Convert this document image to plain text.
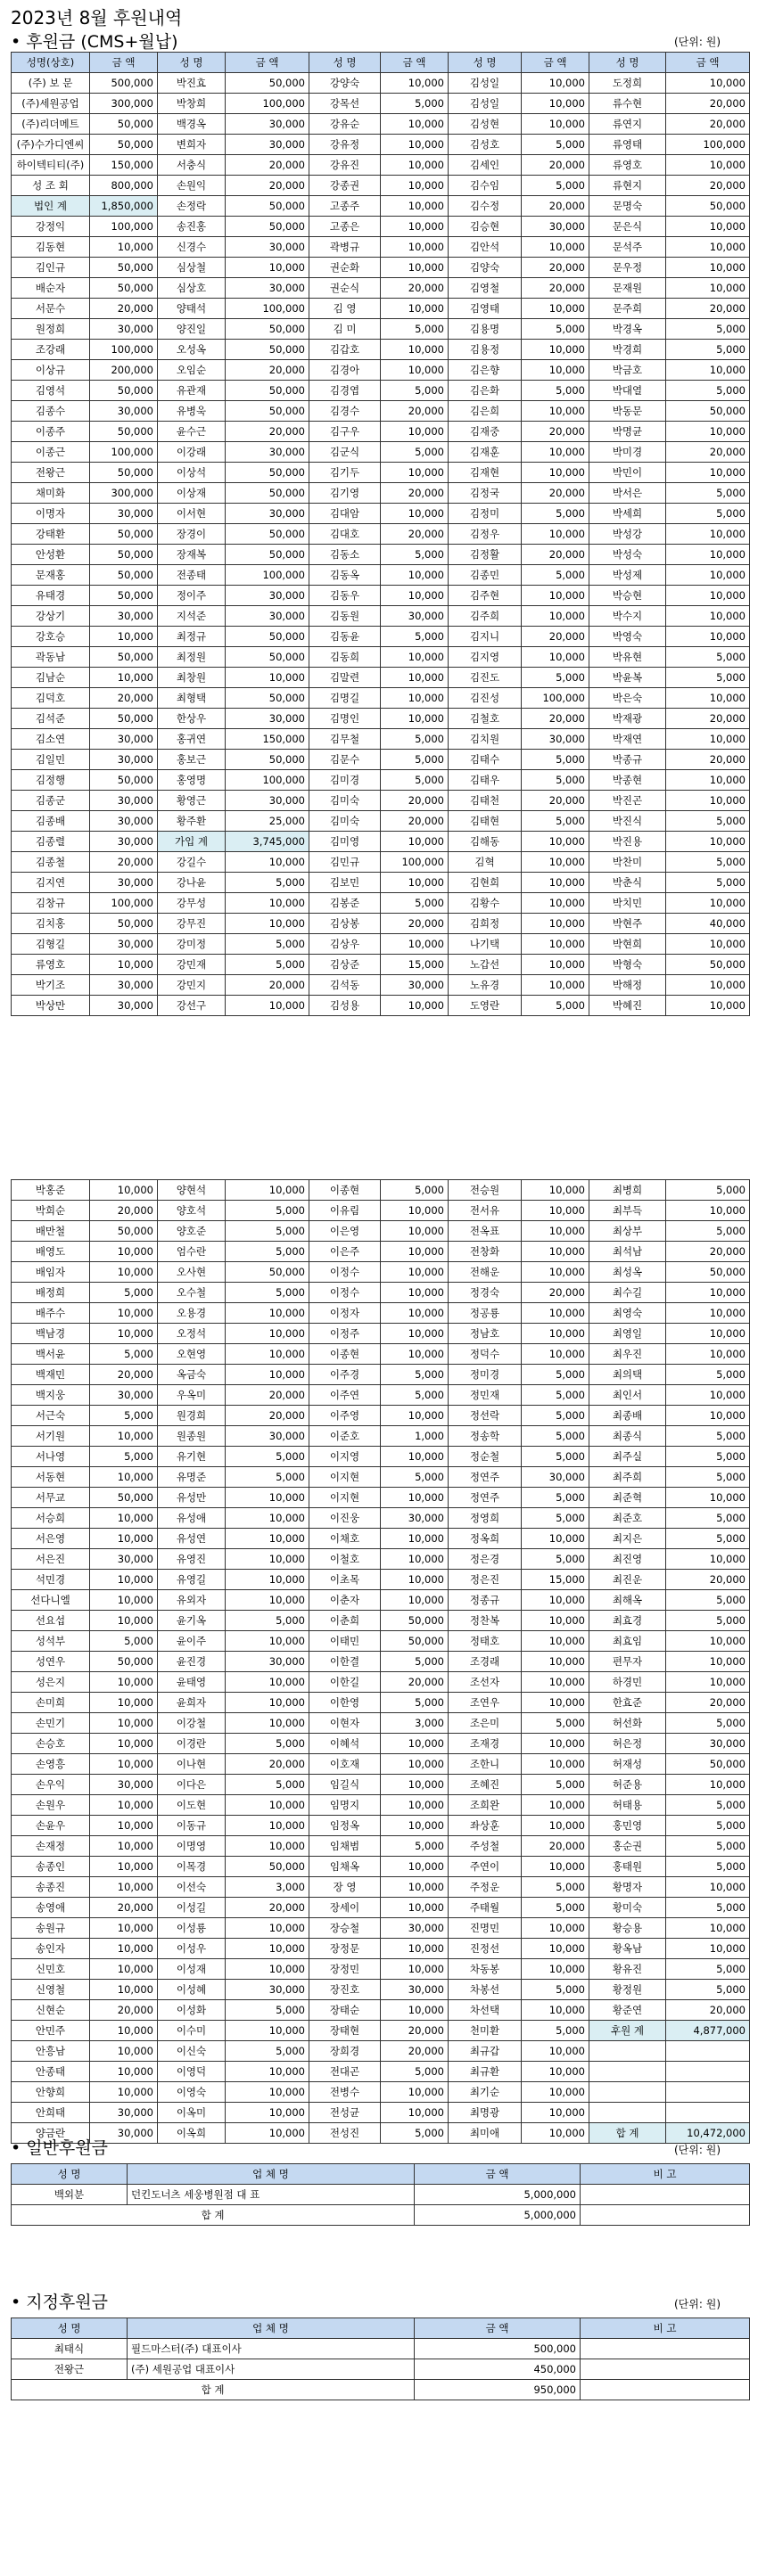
2023년 8월 후원내역
• 후원금 (CMS+월납)	(단위: 원)
성명(상호)	금 액	성 명	금 액	성 명	금 액	성 명	금 액	성 명	금 액
(주) 보 문	500,000	박진효	50,000	강양숙	10,000	김성일	10,000	도정희	10,000
(주)세원공업	300,000	박창희	100,000	강목선	5,000	김성일	10,000	류수현	20,000
(주)리더메트	50,000	백경옥	30,000	강유순	10,000	김성현	10,000	류연지	20,000
(주)수가디엔씨	50,000	변희자	30,000	강유정	10,000	김성호	5,000	류영태	100,000
하이텍티티(주)	150,000	서충식	20,000	강유진	10,000	김세인	20,000	류영호	10,000
성 조 회	800,000	손원익	20,000	강종권	10,000	김수임	5,000	류현지	20,000
법인 계	1,850,000	손정락	50,000	고종주	10,000	김수정	20,000	문명숙	50,000
강정익	100,000	송진홍	50,000	고종은	10,000	김승현	30,000	문은식	10,000
김동현	10,000	신경수	30,000	곽병규	10,000	김안석	10,000	문석주	10,000
김인규	50,000	심상철	10,000	권순화	10,000	김양숙	20,000	문우정	10,000
배순자	50,000	심상호	30,000	권순식	20,000	김영철	20,000	문재원	10,000
서문수	20,000	양태석	100,000	김 영	10,000	김영태	10,000	문주희	20,000
원정희	30,000	양진일	50,000	김 미	5,000	김용명	5,000	박경옥	5,000
조강래	100,000	오성옥	50,000	김갑호	10,000	김용정	10,000	박경희	5,000
이상규	200,000	오임순	20,000	김경아	10,000	김은향	10,000	박금호	10,000
김영석	50,000	유관재	50,000	김경엽	5,000	김은화	5,000	박대열	5,000
김종수	30,000	유병욱	50,000	김경수	20,000	김은희	10,000	박동문	50,000
이종주	50,000	윤수근	20,000	김구우	10,000	김재중	20,000	박명균	10,000
이종근	100,000	이강래	30,000	김군식	5,000	김재훈	10,000	박미경	20,000
전왕근	50,000	이상석	50,000	김기두	10,000	김재현	10,000	박민이	10,000
채미화	300,000	이상재	50,000	김기영	20,000	김정국	20,000	박서은	5,000
이명자	30,000	이서현	30,000	김대암	10,000	김정미	5,000	박세희	5,000
강태환	50,000	장경이	50,000	김대호	20,000	김정우	10,000	박성강	10,000
안성환	50,000	장재복	50,000	김동소	5,000	김정활	20,000	박성숙	10,000
문재홍	50,000	전종태	100,000	김동옥	10,000	김종민	5,000	박성제	10,000
유태경	50,000	정이주	30,000	김동우	10,000	김주현	10,000	박승현	10,000
강상기	30,000	지석준	30,000	김동원	30,000	김주희	10,000	박수지	10,000
강호승	10,000	최정규	50,000	김동윤	5,000	김지니	20,000	박영숙	10,000
곽동남	50,000	최정원	50,000	김동희	10,000	김지영	10,000	박유현	5,000
김남순	10,000	최창원	10,000	김말련	10,000	김진도	5,000	박윤복	5,000
김덕호	20,000	최형택	50,000	김명길	10,000	김진성	100,000	박은숙	10,000
김석준	50,000	한상우	30,000	김명인	10,000	김철호	20,000	박재광	20,000
김소연	30,000	홍귀연	150,000	김무철	5,000	김치원	30,000	박재연	10,000
김일민	30,000	홍보근	50,000	김문수	5,000	김태수	5,000	박종규	20,000
김정행	50,000	홍영명	100,000	김미경	5,000	김태우	5,000	박종현	10,000
김종군	30,000	황영근	30,000	김미숙	20,000	김태천	20,000	박진곤	10,000
김종배	30,000	황주환	25,000	김미숙	20,000	김태현	5,000	박진식	5,000
김종렬	30,000	가입 계	3,745,000	김미영	10,000	김해동	10,000	박진용	10,000
김종철	20,000	강길수	10,000	김민규	100,000	김혁	10,000	박찬미	5,000
김지연	30,000	강나윤	5,000	김보민	10,000	김현희	10,000	박춘식	5,000
김창규	100,000	강무성	10,000	김봉준	5,000	김황수	10,000	박치민	10,000
김치홍	50,000	강무진	10,000	김상봉	20,000	김희정	10,000	박현주	40,000
김형길	30,000	강미정	5,000	김상우	10,000	나기택	10,000	박현희	10,000
류영호	10,000	강민재	5,000	김상준	15,000	노갑선	10,000	박형숙	50,000
박기조	30,000	강민지	20,000	김석동	30,000	노유경	10,000	박해정	10,000
박상만	30,000	강선구	10,000	김성용	10,000	도영란	5,000	박혜진	10,000
박홍준	10,000	양현석	10,000	이종현	5,000	전승원	10,000	최병희	5,000
박희순	20,000	양호석	5,000	이유림	10,000	전서유	10,000	최부득	10,000
배만철	50,000	양호준	5,000	이은영	10,000	전옥표	10,000	최상부	5,000
배영도	10,000	엄수란	5,000	이은주	10,000	전창화	10,000	최석남	20,000
배임자	10,000	오사현	50,000	이정수	10,000	전해운	10,000	최성옥	50,000
배정희	5,000	오수철	5,000	이정수	10,000	정경숙	20,000	최수길	10,000
배주수	10,000	오용경	10,000	이정자	10,000	정공룡	10,000	최영숙	10,000
백남경	10,000	오정석	10,000	이정주	10,000	정남호	10,000	최영일	10,000
백서윤	5,000	오현영	10,000	이종현	10,000	정덕수	10,000	최우진	10,000
백재민	20,000	옥금숙	10,000	이주경	5,000	정미경	5,000	최의택	5,000
백지웅	30,000	우옥미	20,000	이주연	5,000	정민재	5,000	최인서	10,000
서근숙	5,000	원경희	20,000	이주영	10,000	정선락	5,000	최종배	10,000
서기원	10,000	원종원	30,000	이준호	1,000	정송학	5,000	최종식	5,000
서나영	5,000	유기현	5,000	이지영	10,000	정순철	5,000	최주실	5,000
서동현	10,000	유명준	5,000	이지현	5,000	정연주	30,000	최주희	5,000
서무교	50,000	유성만	10,000	이지현	10,000	정연주	5,000	최준혁	10,000
서승희	10,000	유성애	10,000	이진웅	30,000	정영희	5,000	최준호	5,000
서은영	10,000	유성연	10,000	이채호	10,000	정옥희	10,000	최지은	5,000
서은진	30,000	유영진	10,000	이철호	10,000	정은경	5,000	최진영	10,000
석민경	10,000	유영길	10,000	이초목	10,000	정은진	15,000	최진운	20,000
선다니엘	10,000	유외자	10,000	이춘자	10,000	정종규	10,000	최해옥	5,000
선요섭	10,000	윤기옥	5,000	이춘희	50,000	정찬복	10,000	최효경	5,000
성석부	5,000	윤이주	10,000	이태민	50,000	정태호	10,000	최효임	10,000
성연우	50,000	윤진경	30,000	이한결	5,000	조경래	10,000	편무자	10,000
성은지	10,000	윤태영	10,000	이한길	20,000	조선자	10,000	하경민	10,000
손미희	10,000	윤희자	10,000	이한영	5,000	조연우	10,000	한효준	20,000
손민기	10,000	이강철	10,000	이현자	3,000	조은미	5,000	허선화	5,000
손승호	10,000	이경란	5,000	이혜석	10,000	조재경	10,000	허은정	30,000
손영흥	10,000	이나현	20,000	이호재	10,000	조한니	10,000	허재성	50,000
손우익	30,000	이다은	5,000	임길식	10,000	조혜진	5,000	허준용	10,000
손원우	10,000	이도현	10,000	임명지	10,000	조희완	10,000	허태용	5,000
손윤우	10,000	이동규	10,000	임정옥	10,000	좌상훈	10,000	홍민영	5,000
손재정	10,000	이명영	10,000	임채범	5,000	주성철	20,000	홍순권	5,000
송종인	10,000	이목경	50,000	임채옥	10,000	주연이	10,000	홍태원	5,000
송종진	10,000	이선숙	3,000	장 영	10,000	주정운	5,000	황명자	10,000
송영애	20,000	이성길	20,000	장세이	10,000	주태월	5,000	황미숙	5,000
송원규	10,000	이성룡	10,000	장승철	30,000	진명민	10,000	황승용	10,000
송인자	10,000	이성우	10,000	장정문	10,000	진정선	10,000	황옥남	10,000
신민호	10,000	이성재	10,000	장정민	10,000	차동봉	10,000	황유진	5,000
신영철	10,000	이성혜	30,000	장진호	30,000	차봉선	5,000	황정원	5,000
신현순	20,000	이성화	5,000	장태순	10,000	차선택	10,000	황준연	20,000
안민주	10,000	이수미	10,000	장태현	20,000	천미환	5,000	후원 계	4,877,000
안흥남	10,000	이신숙	5,000	장희경	20,000	최규갑	10,000		
안종태	10,000	이영덕	10,000	전대곤	5,000	최규환	10,000		
안향희	10,000	이영숙	10,000	전병수	10,000	최기순	10,000		
안희태	30,000	이옥미	10,000	전성균	10,000	최명광	10,000		
양금란	30,000	이옥희	10,000	전성진	5,000	최미애	10,000	합 계	10,472,000
• 일반후원금	(단위: 원)
성 명	업 체 명	금 액	비 고
백외분	던킨도너츠 세웅병원점 대 표	5,000,000	
합 계		5,000,000	
• 지정후원금	(단위: 원)
성 명	업 체 명	금 액	비 고
최태식	필드마스터(주) 대표이사	500,000	
전왕근	(주) 세원공업 대표이사	450,000	
합 계		950,000	
